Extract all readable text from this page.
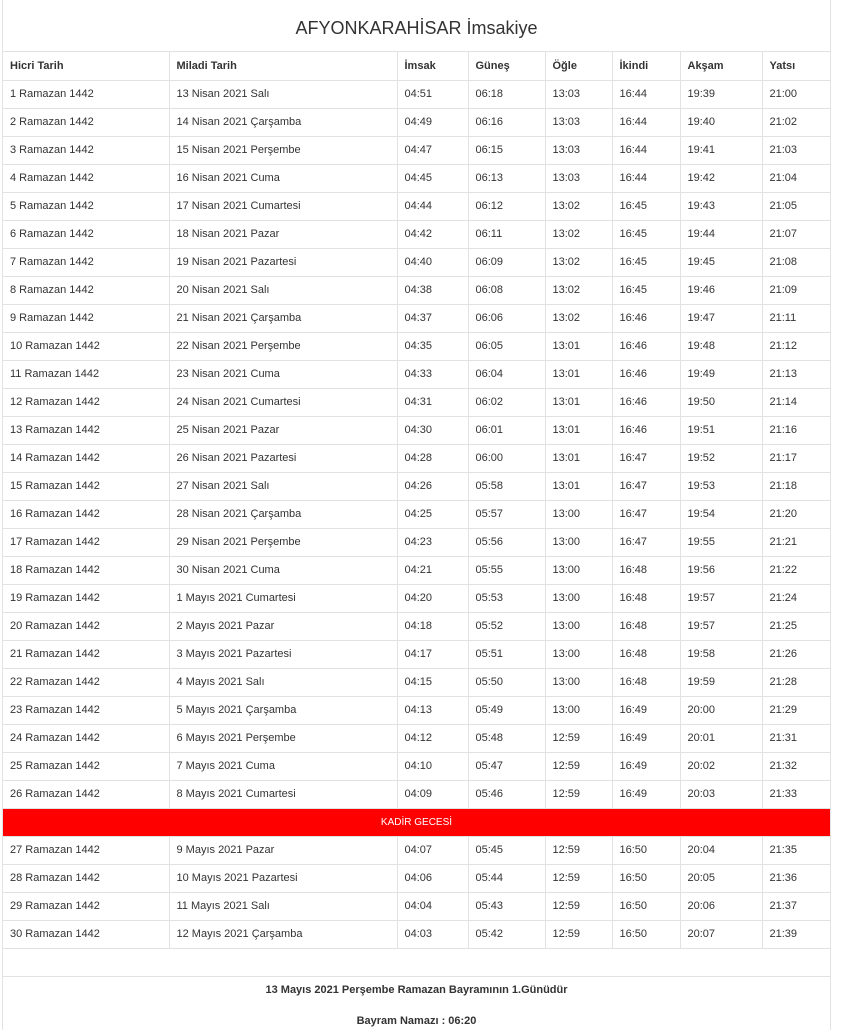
AFYONKARAHİSAR İmsakiye
Hicri Tarih	Miladi Tarih	İmsak	Güneş	Öğle	İkindi	Akşam	Yatsı
1 Ramazan 1442	13 Nisan 2021 Salı	04:51	06:18	13:03	16:44	19:39	21:00
2 Ramazan 1442	14 Nisan 2021 Çarşamba	04:49	06:16	13:03	16:44	19:40	21:02
3 Ramazan 1442	15 Nisan 2021 Perşembe	04:47	06:15	13:03	16:44	19:41	21:03
4 Ramazan 1442	16 Nisan 2021 Cuma	04:45	06:13	13:03	16:44	19:42	21:04
5 Ramazan 1442	17 Nisan 2021 Cumartesi	04:44	06:12	13:02	16:45	19:43	21:05
6 Ramazan 1442	18 Nisan 2021 Pazar	04:42	06:11	13:02	16:45	19:44	21:07
7 Ramazan 1442	19 Nisan 2021 Pazartesi	04:40	06:09	13:02	16:45	19:45	21:08
8 Ramazan 1442	20 Nisan 2021 Salı	04:38	06:08	13:02	16:45	19:46	21:09
9 Ramazan 1442	21 Nisan 2021 Çarşamba	04:37	06:06	13:02	16:46	19:47	21:11
10 Ramazan 1442	22 Nisan 2021 Perşembe	04:35	06:05	13:01	16:46	19:48	21:12
11 Ramazan 1442	23 Nisan 2021 Cuma	04:33	06:04	13:01	16:46	19:49	21:13
12 Ramazan 1442	24 Nisan 2021 Cumartesi	04:31	06:02	13:01	16:46	19:50	21:14
13 Ramazan 1442	25 Nisan 2021 Pazar	04:30	06:01	13:01	16:46	19:51	21:16
14 Ramazan 1442	26 Nisan 2021 Pazartesi	04:28	06:00	13:01	16:47	19:52	21:17
15 Ramazan 1442	27 Nisan 2021 Salı	04:26	05:58	13:01	16:47	19:53	21:18
16 Ramazan 1442	28 Nisan 2021 Çarşamba	04:25	05:57	13:00	16:47	19:54	21:20
17 Ramazan 1442	29 Nisan 2021 Perşembe	04:23	05:56	13:00	16:47	19:55	21:21
18 Ramazan 1442	30 Nisan 2021 Cuma	04:21	05:55	13:00	16:48	19:56	21:22
19 Ramazan 1442	1 Mayıs 2021 Cumartesi	04:20	05:53	13:00	16:48	19:57	21:24
20 Ramazan 1442	2 Mayıs 2021 Pazar	04:18	05:52	13:00	16:48	19:57	21:25
21 Ramazan 1442	3 Mayıs 2021 Pazartesi	04:17	05:51	13:00	16:48	19:58	21:26
22 Ramazan 1442	4 Mayıs 2021 Salı	04:15	05:50	13:00	16:48	19:59	21:28
23 Ramazan 1442	5 Mayıs 2021 Çarşamba	04:13	05:49	13:00	16:49	20:00	21:29
24 Ramazan 1442	6 Mayıs 2021 Perşembe	04:12	05:48	12:59	16:49	20:01	21:31
25 Ramazan 1442	7 Mayıs 2021 Cuma	04:10	05:47	12:59	16:49	20:02	21:32
26 Ramazan 1442	8 Mayıs 2021 Cumartesi	04:09	05:46	12:59	16:49	20:03	21:33
KADİR GECESİ							
27 Ramazan 1442	9 Mayıs 2021 Pazar	04:07	05:45	12:59	16:50	20:04	21:35
28 Ramazan 1442	10 Mayıs 2021 Pazartesi	04:06	05:44	12:59	16:50	20:05	21:36
29 Ramazan 1442	11 Mayıs 2021 Salı	04:04	05:43	12:59	16:50	20:06	21:37
30 Ramazan 1442	12 Mayıs 2021 Çarşamba	04:03	05:42	12:59	16:50	20:07	21:39
13 Mayıs 2021 Perşembe Ramazan Bayramının 1.Günüdür
Bayram Namazı : 06:20
